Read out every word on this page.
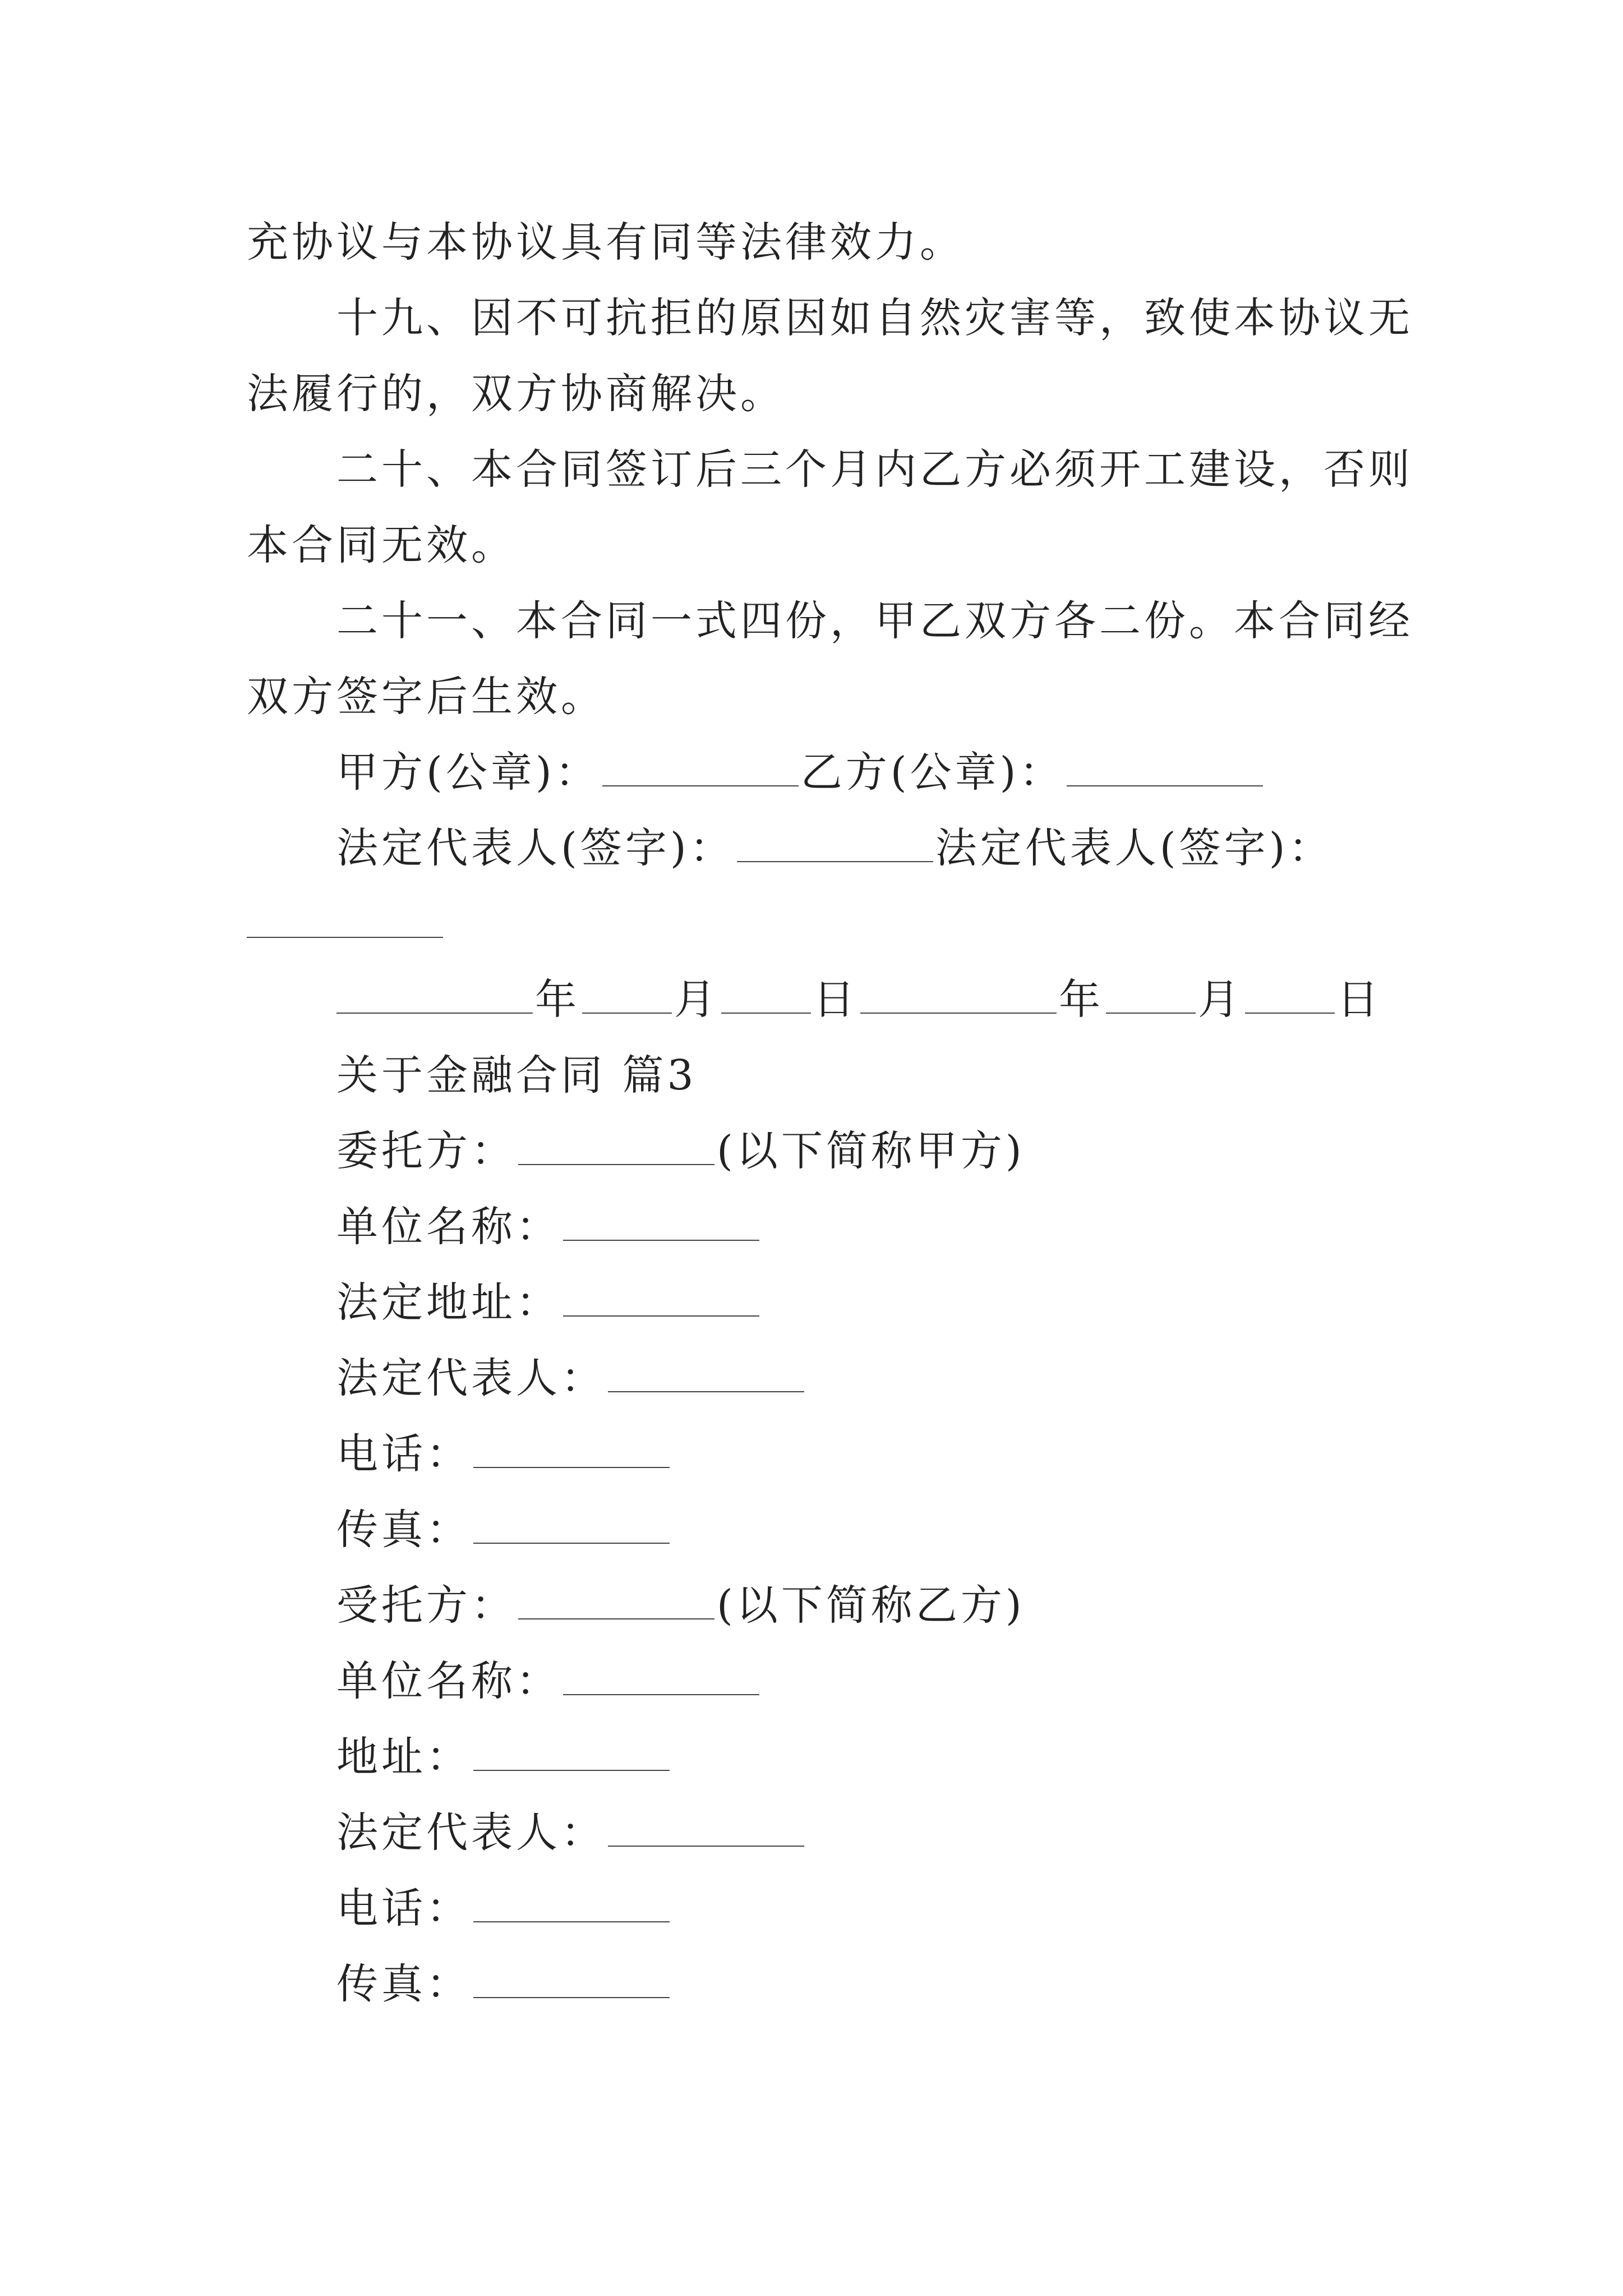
充协议与本协议具有同等法律效力。
十九、因不可抗拒的原因如自然灾害等，致使本协议无
法履行的，双方协商解决。
二十、本合同签订后三个月内乙方必须开工建设，否则
本合同无效。
二十一、本合同一式四份，甲乙双方各二份。本合同经
双方签字后生效。
甲方(公章)：	乙方(公章)：
法定代表人(签字)：	法定代表人(签字)：
年 月 日	年 月 日
关于金融合同 篇3
委托方：	(以下简称甲方)
单位名称：
法定地址：
法定代表人：
电话：
传真：
受托方：	(以下简称乙方)
单位名称：
地址：
法定代表人：
电话：
传真：
